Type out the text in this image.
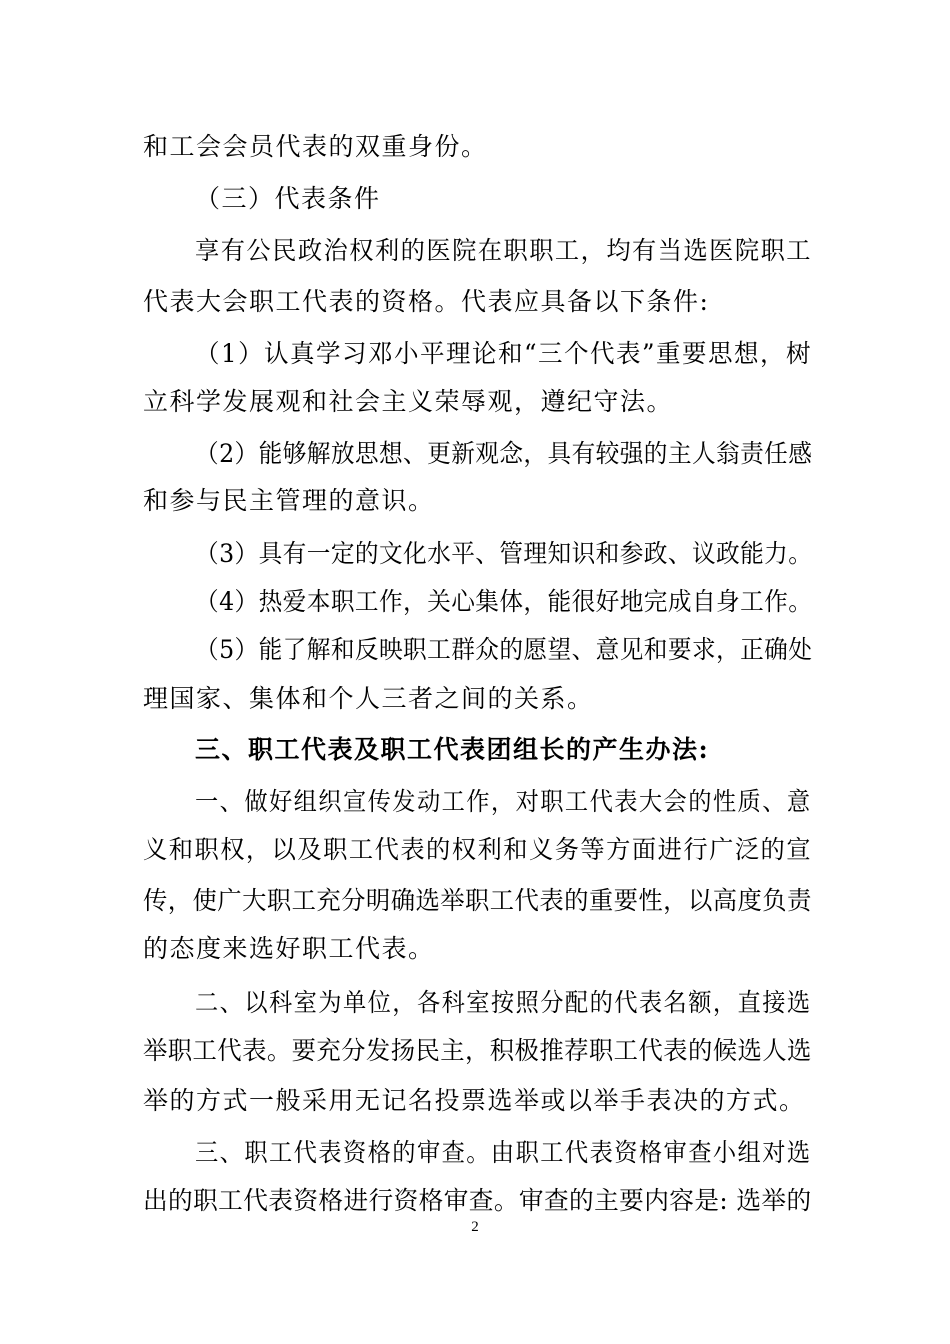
和工会会员代表的双重身份。
（三）代表条件
享有公民政治权利的医院在职职工，均有当选医院职工
代表大会职工代表的资格。代表应具备以下条件:
（1）认真学习邓小平理论和“三个代表”重要思想，树
立科学发展观和社会主义荣辱观，遵纪守法。
（2）能够解放思想、更新观念，具有较强的主人翁责任感
和参与民主管理的意识。
（3）具有一定的文化水平、管理知识和参政、议政能力。
（4）热爱本职工作，关心集体，能很好地完成自身工作。
（5）能了解和反映职工群众的愿望、意见和要求，正确处
理国家、集体和个人三者之间的关系。
三、职工代表及职工代表团组长的产生办法:
一、做好组织宣传发动工作，对职工代表大会的性质、意
义和职权，以及职工代表的权利和义务等方面进行广泛的宣
传，使广大职工充分明确选举职工代表的重要性，以高度负责
的态度来选好职工代表。
二、以科室为单位，各科室按照分配的代表名额，直接选
举职工代表。要充分发扬民主，积极推荐职工代表的候选人选
举的方式一般采用无记名投票选举或以举手表决的方式。
三、职工代表资格的审查。由职工代表资格审查小组对选
出的职工代表资格进行资格审查。审查的主要内容是: 选举的
2
